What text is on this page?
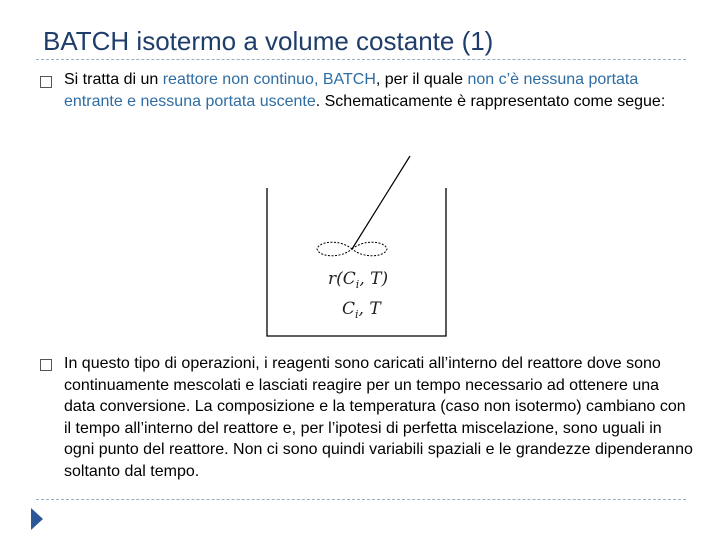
BATCH isotermo a volume costante (1)

Si tratta di un reattore non continuo, BATCH, per il quale non c’è nessuna portata entrante e nessuna portata uscente. Schematicamente è rappresentato come segue:

$r(C_i$, T)
$C_i$, T

In questo tipo di operazioni, i reagenti sono caricati all’interno del reattore dove sono continuamente mescolati e lasciati reagire per un tempo necessario ad ottenere una data conversione. La composizione e la temperatura (caso non isotermo) cambiano con il tempo all’interno del reattore e, per l’ipotesi di perfetta miscelazione, sono uguali in ogni punto del reattore. Non ci sono quindi variabili spaziali e le grandezze dipenderanno soltanto dal tempo.
